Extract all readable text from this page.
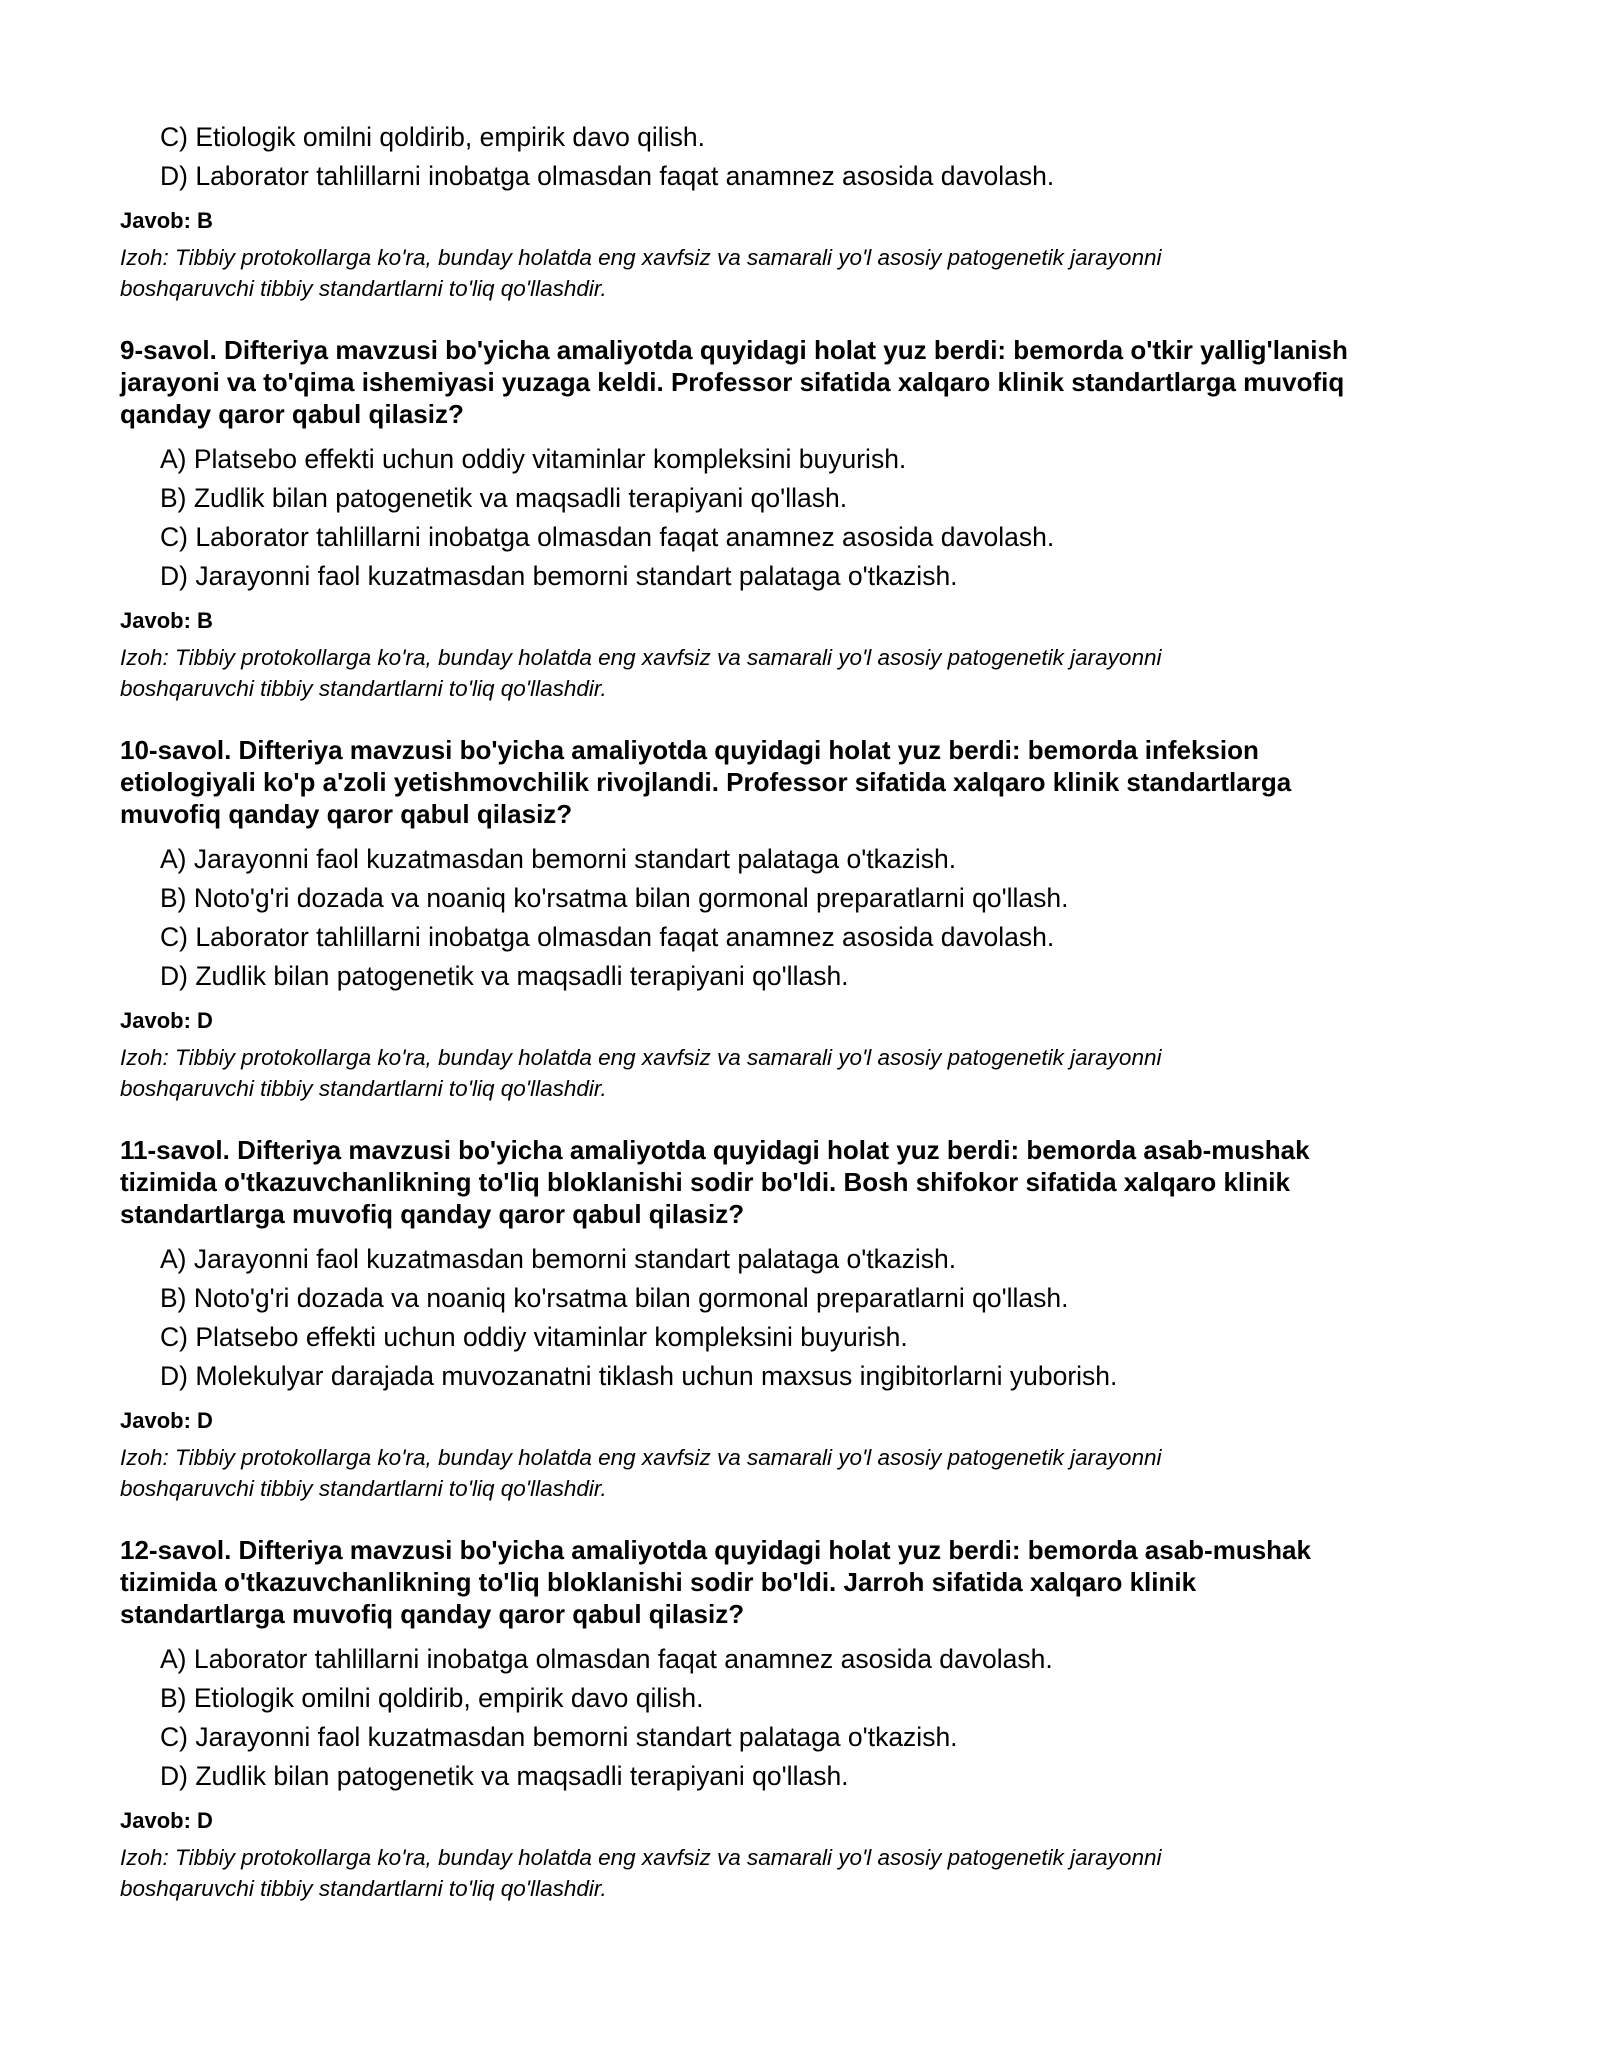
C) Etiologik omilni qoldirib, empirik davo qilish.
D) Laborator tahlillarni inobatga olmasdan faqat anamnez asosida davolash.
Javob: B
Izoh: Tibbiy protokollarga ko'ra, bunday holatda eng xavfsiz va samarali yo'l asosiy patogenetik jarayonni
boshqaruvchi tibbiy standartlarni to'liq qo'llashdir.
9-savol. Difteriya mavzusi bo'yicha amaliyotda quyidagi holat yuz berdi: bemorda o'tkir yallig'lanish
jarayoni va to'qima ishemiyasi yuzaga keldi. Professor sifatida xalqaro klinik standartlarga muvofiq
qanday qaror qabul qilasiz?
A) Platsebo effekti uchun oddiy vitaminlar kompleksini buyurish.
B) Zudlik bilan patogenetik va maqsadli terapiyani qo'llash.
C) Laborator tahlillarni inobatga olmasdan faqat anamnez asosida davolash.
D) Jarayonni faol kuzatmasdan bemorni standart palataga o'tkazish.
Javob: B
Izoh: Tibbiy protokollarga ko'ra, bunday holatda eng xavfsiz va samarali yo'l asosiy patogenetik jarayonni
boshqaruvchi tibbiy standartlarni to'liq qo'llashdir.
10-savol. Difteriya mavzusi bo'yicha amaliyotda quyidagi holat yuz berdi: bemorda infeksion
etiologiyali ko'p a'zoli yetishmovchilik rivojlandi. Professor sifatida xalqaro klinik standartlarga
muvofiq qanday qaror qabul qilasiz?
A) Jarayonni faol kuzatmasdan bemorni standart palataga o'tkazish.
B) Noto'g'ri dozada va noaniq ko'rsatma bilan gormonal preparatlarni qo'llash.
C) Laborator tahlillarni inobatga olmasdan faqat anamnez asosida davolash.
D) Zudlik bilan patogenetik va maqsadli terapiyani qo'llash.
Javob: D
Izoh: Tibbiy protokollarga ko'ra, bunday holatda eng xavfsiz va samarali yo'l asosiy patogenetik jarayonni
boshqaruvchi tibbiy standartlarni to'liq qo'llashdir.
11-savol. Difteriya mavzusi bo'yicha amaliyotda quyidagi holat yuz berdi: bemorda asab-mushak
tizimida o'tkazuvchanlikning to'liq bloklanishi sodir bo'ldi. Bosh shifokor sifatida xalqaro klinik
standartlarga muvofiq qanday qaror qabul qilasiz?
A) Jarayonni faol kuzatmasdan bemorni standart palataga o'tkazish.
B) Noto'g'ri dozada va noaniq ko'rsatma bilan gormonal preparatlarni qo'llash.
C) Platsebo effekti uchun oddiy vitaminlar kompleksini buyurish.
D) Molekulyar darajada muvozanatni tiklash uchun maxsus ingibitorlarni yuborish.
Javob: D
Izoh: Tibbiy protokollarga ko'ra, bunday holatda eng xavfsiz va samarali yo'l asosiy patogenetik jarayonni
boshqaruvchi tibbiy standartlarni to'liq qo'llashdir.
12-savol. Difteriya mavzusi bo'yicha amaliyotda quyidagi holat yuz berdi: bemorda asab-mushak
tizimida o'tkazuvchanlikning to'liq bloklanishi sodir bo'ldi. Jarroh sifatida xalqaro klinik
standartlarga muvofiq qanday qaror qabul qilasiz?
A) Laborator tahlillarni inobatga olmasdan faqat anamnez asosida davolash.
B) Etiologik omilni qoldirib, empirik davo qilish.
C) Jarayonni faol kuzatmasdan bemorni standart palataga o'tkazish.
D) Zudlik bilan patogenetik va maqsadli terapiyani qo'llash.
Javob: D
Izoh: Tibbiy protokollarga ko'ra, bunday holatda eng xavfsiz va samarali yo'l asosiy patogenetik jarayonni
boshqaruvchi tibbiy standartlarni to'liq qo'llashdir.
